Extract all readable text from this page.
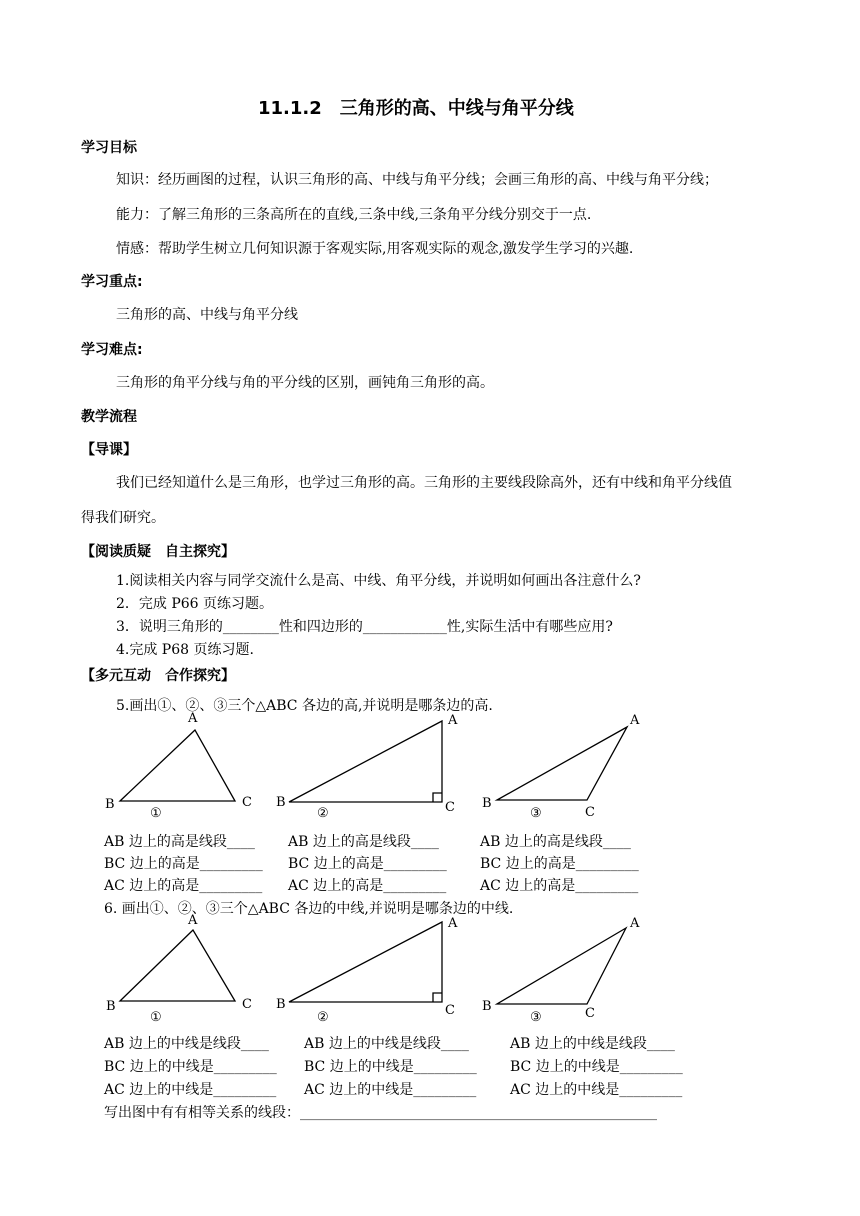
11.1.2　三角形的高、中线与角平分线
学习目标
知识：经历画图的过程，认识三角形的高、中线与角平分线；会画三角形的高、中线与角平分线；
能力：了解三角形的三条高所在的直线,三条中线,三条角平分线分别交于一点.
情感：帮助学生树立几何知识源于客观实际,用客观实际的观念,激发学生学习的兴趣.
学习重点:
三角形的高、中线与角平分线
学习难点:
三角形的角平分线与角的平分线的区别，画钝角三角形的高。
教学流程
【导课】
我们已经知道什么是三角形，也学过三角形的高。三角形的主要线段除高外，还有中线和角平分线值
得我们研究。
【阅读质疑　自主探究】
1.阅读相关内容与同学交流什么是高、中线、角平分线，并说明如何画出各注意什么?
2．完成 P66 页练习题。
3．说明三角形的________性和四边形的____________性,实际生活中有哪些应用?
4.完成 P68 页练习题.
【多元互动　合作探究】
5.画出①、②、③三个△ABC 各边的高,并说明是哪条边的高.
A
B	C
①
A
B	C
②
A
B
C
③
AB 边上的高是线段____ AB 边上的高是线段____	AB 边上的高是线段____
BC 边上的高是_________ BC 边上的高是_________ BC 边上的高是_________
AC 边上的高是_________ AC 边上的高是_________ AC 边上的高是_________
6. 画出①、②、③三个△ABC 各边的中线,并说明是哪条边的中线.
A
B	C
①
A
B	C
②
A
B	C
③
AB 边上的中线是线段____	AB 边上的中线是线段____	AB 边上的中线是线段____
BC 边上的中线是_________ BC 边上的中线是_________ BC 边上的中线是_________
AC 边上的中线是_________ AC 边上的中线是_________ AC 边上的中线是_________
写出图中有有相等关系的线段：___________________________________________________
